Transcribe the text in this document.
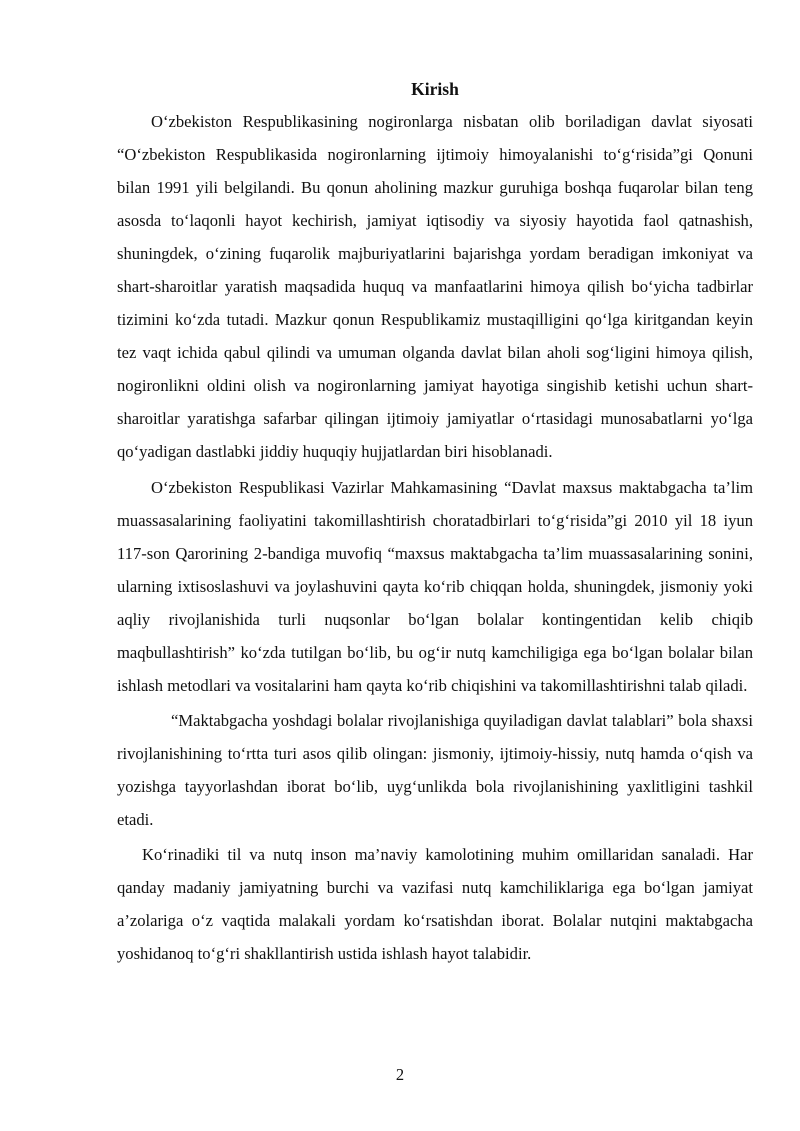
Kirish

O‘zbekiston Respublikasining nogironlarga nisbatan olib boriladigan davlat siyosati “O‘zbekiston Respublikasida nogironlarning ijtimoiy himoyalanishi to‘g‘risida”gi Qonuni bilan 1991 yili belgilandi. Bu qonun aholining mazkur guruhiga boshqa fuqarolar bilan teng asosda to‘laqonli hayot kechirish, jamiyat iqtisodiy va siyosiy hayotida faol qatnashish, shuningdek, o‘zining fuqarolik majburiyatlarini bajarishga yordam beradigan imkoniyat va shart-sharoitlar yaratish maqsadida huquq va manfaatlarini himoya qilish bo‘yicha tadbirlar tizimini ko‘zda tutadi. Mazkur qonun Respublikamiz mustaqilligini qo‘lga kiritgandan keyin tez vaqt ichida qabul qilindi va umuman olganda davlat bilan aholi sog‘ligini himoya qilish, nogironlikni oldini olish va nogironlarning jamiyat hayotiga singishib ketishi uchun shart-sharoitlar yaratishga safarbar qilingan ijtimoiy jamiyatlar o‘rtasidagi munosabatlarni yo‘lga qo‘yadigan dastlabki jiddiy huquqiy hujjatlardan biri hisoblanadi.

O‘zbekiston Respublikasi Vazirlar Mahkamasining “Davlat maxsus maktabgacha ta’lim muassasalarining faoliyatini takomillashtirish choratadbirlari to‘g‘risida”gi 2010 yil 18 iyun 117-son Qarorining 2-bandiga muvofiq “maxsus maktabgacha ta’lim muassasalarining sonini, ularning ixtisoslashuvi va joylashuvini qayta ko‘rib chiqqan holda, shuningdek, jismoniy yoki aqliy rivojlanishida turli nuqsonlar bo‘lgan bolalar kontingentidan kelib chiqib maqbullashtirish” ko‘zda tutilgan bo‘lib, bu og‘ir nutq kamchiligiga ega bo‘lgan bolalar bilan ishlash metodlari va vositalarini ham qayta ko‘rib chiqishini va takomillashtirishni talab qiladi.

“Maktabgacha yoshdagi bolalar rivojlanishiga quyiladigan davlat talablari” bola shaxsi rivojlanishining to‘rtta turi asos qilib olingan: jismoniy, ijtimoiy-hissiy, nutq hamda o‘qish va yozishga tayyorlashdan iborat bo‘lib, uyg‘unlikda bola rivojlanishining yaxlitligini tashkil etadi.

Ko‘rinadiki til va nutq inson ma’naviy kamolotining muhim omillaridan sanaladi. Har qanday madaniy jamiyatning burchi va vazifasi nutq kamchiliklariga ega bo‘lgan jamiyat a’zolariga o‘z vaqtida malakali yordam ko‘rsatishdan iborat. Bolalar nutqini maktabgacha yoshidanoq to‘g‘ri shakllantirish ustida ishlash hayot talabidir.

2
